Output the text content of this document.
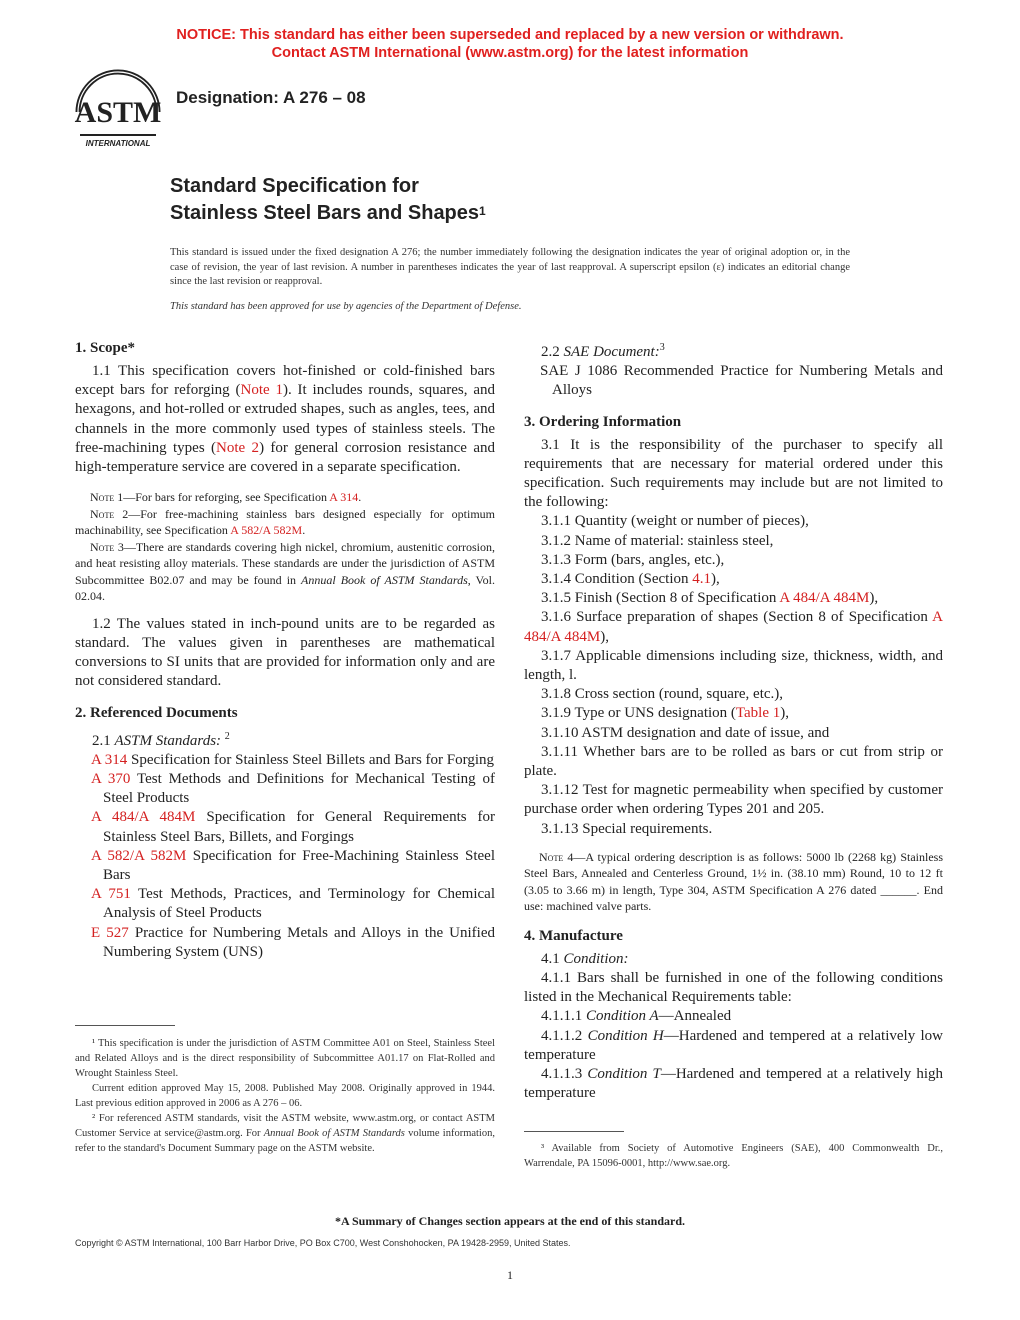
NOTICE: This standard has either been superseded and replaced by a new version or withdrawn.
Contact ASTM International (www.astm.org) for the latest information
ASTM
INTERNATIONAL
Designation: A 276 – 08
Standard Specification for
Stainless Steel Bars and Shapes$^1$
This standard is issued under the fixed designation A 276; the number immediately following the designation indicates the year of original adoption or, in the case of revision, the year of last revision. A number in parentheses indicates the year of last reapproval. A superscript epsilon (ε) indicates an editorial change since the last revision or reapproval.
This standard has been approved for use by agencies of the Department of Defense.
1. Scope*

1.1 This specification covers hot-finished or cold-finished bars except bars for reforging (Note 1). It includes rounds, squares, and hexagons, and hot-rolled or extruded shapes, such as angles, tees, and channels in the more commonly used types of stainless steels. The free-machining types (Note 2) for general corrosion resistance and high-temperature service are covered in a separate specification.

Note 1—For bars for reforging, see Specification A 314.

Note 2—For free-machining stainless bars designed especially for optimum machinability, see Specification A 582/A 582M.

Note 3—There are standards covering high nickel, chromium, austenitic corrosion, and heat resisting alloy materials. These standards are under the jurisdiction of ASTM Subcommittee B02.07 and may be found in Annual Book of ASTM Standards, Vol. 02.04.

1.2 The values stated in inch-pound units are to be regarded as standard. The values given in parentheses are mathematical conversions to SI units that are provided for information only and are not considered standard.

2. Referenced Documents

2.1 ASTM Standards: $^2$

A 314 Specification for Stainless Steel Billets and Bars for Forging

A 370 Test Methods and Definitions for Mechanical Testing of Steel Products

A 484/A 484M Specification for General Requirements for Stainless Steel Bars, Billets, and Forgings

A 582/A 582M Specification for Free-Machining Stainless Steel Bars

A 751 Test Methods, Practices, and Terminology for Chemical Analysis of Steel Products

E 527 Practice for Numbering Metals and Alloys in the Unified Numbering System (UNS)

¹ This specification is under the jurisdiction of ASTM Committee A01 on Steel, Stainless Steel and Related Alloys and is the direct responsibility of Subcommittee A01.17 on Flat-Rolled and Wrought Stainless Steel.

Current edition approved May 15, 2008. Published May 2008. Originally approved in 1944. Last previous edition approved in 2006 as A 276 – 06.

² For referenced ASTM standards, visit the ASTM website, www.astm.org, or contact ASTM Customer Service at service@astm.org. For Annual Book of ASTM Standards volume information, refer to the standard's Document Summary page on the ASTM website.

2.2 SAE Document:$^3$

SAE J 1086 Recommended Practice for Numbering Metals and Alloys

3. Ordering Information

3.1 It is the responsibility of the purchaser to specify all requirements that are necessary for material ordered under this specification. Such requirements may include but are not limited to the following:

3.1.1 Quantity (weight or number of pieces),

3.1.2 Name of material: stainless steel,

3.1.3 Form (bars, angles, etc.),

3.1.4 Condition (Section 4.1),

3.1.5 Finish (Section 8 of Specification A 484/A 484M),

3.1.6 Surface preparation of shapes (Section 8 of Specification A 484/A 484M),

3.1.7 Applicable dimensions including size, thickness, width, and length, l.

3.1.8 Cross section (round, square, etc.),

3.1.9 Type or UNS designation (Table 1),

3.1.10 ASTM designation and date of issue, and

3.1.11 Whether bars are to be rolled as bars or cut from strip or plate.

3.1.12 Test for magnetic permeability when specified by customer purchase order when ordering Types 201 and 205.

3.1.13 Special requirements.

Note 4—A typical ordering description is as follows: 5000 lb (2268 kg) Stainless Steel Bars, Annealed and Centerless Ground, 1½ in. (38.10 mm) Round, 10 to 12 ft (3.05 to 3.66 m) in length, Type 304, ASTM Specification A 276 dated ______. End use: machined valve parts.

4. Manufacture

4.1 Condition:

4.1.1 Bars shall be furnished in one of the following conditions listed in the Mechanical Requirements table:

4.1.1.1 Condition A—Annealed

4.1.1.2 Condition H—Hardened and tempered at a relatively low temperature

4.1.1.3 Condition T—Hardened and tempered at a relatively high temperature

³ Available from Society of Automotive Engineers (SAE), 400 Commonwealth Dr., Warrendale, PA 15096-0001, http://www.sae.org.

*A Summary of Changes section appears at the end of this standard.
Copyright © ASTM International, 100 Barr Harbor Drive, PO Box C700, West Conshohocken, PA 19428-2959, United States.
1
